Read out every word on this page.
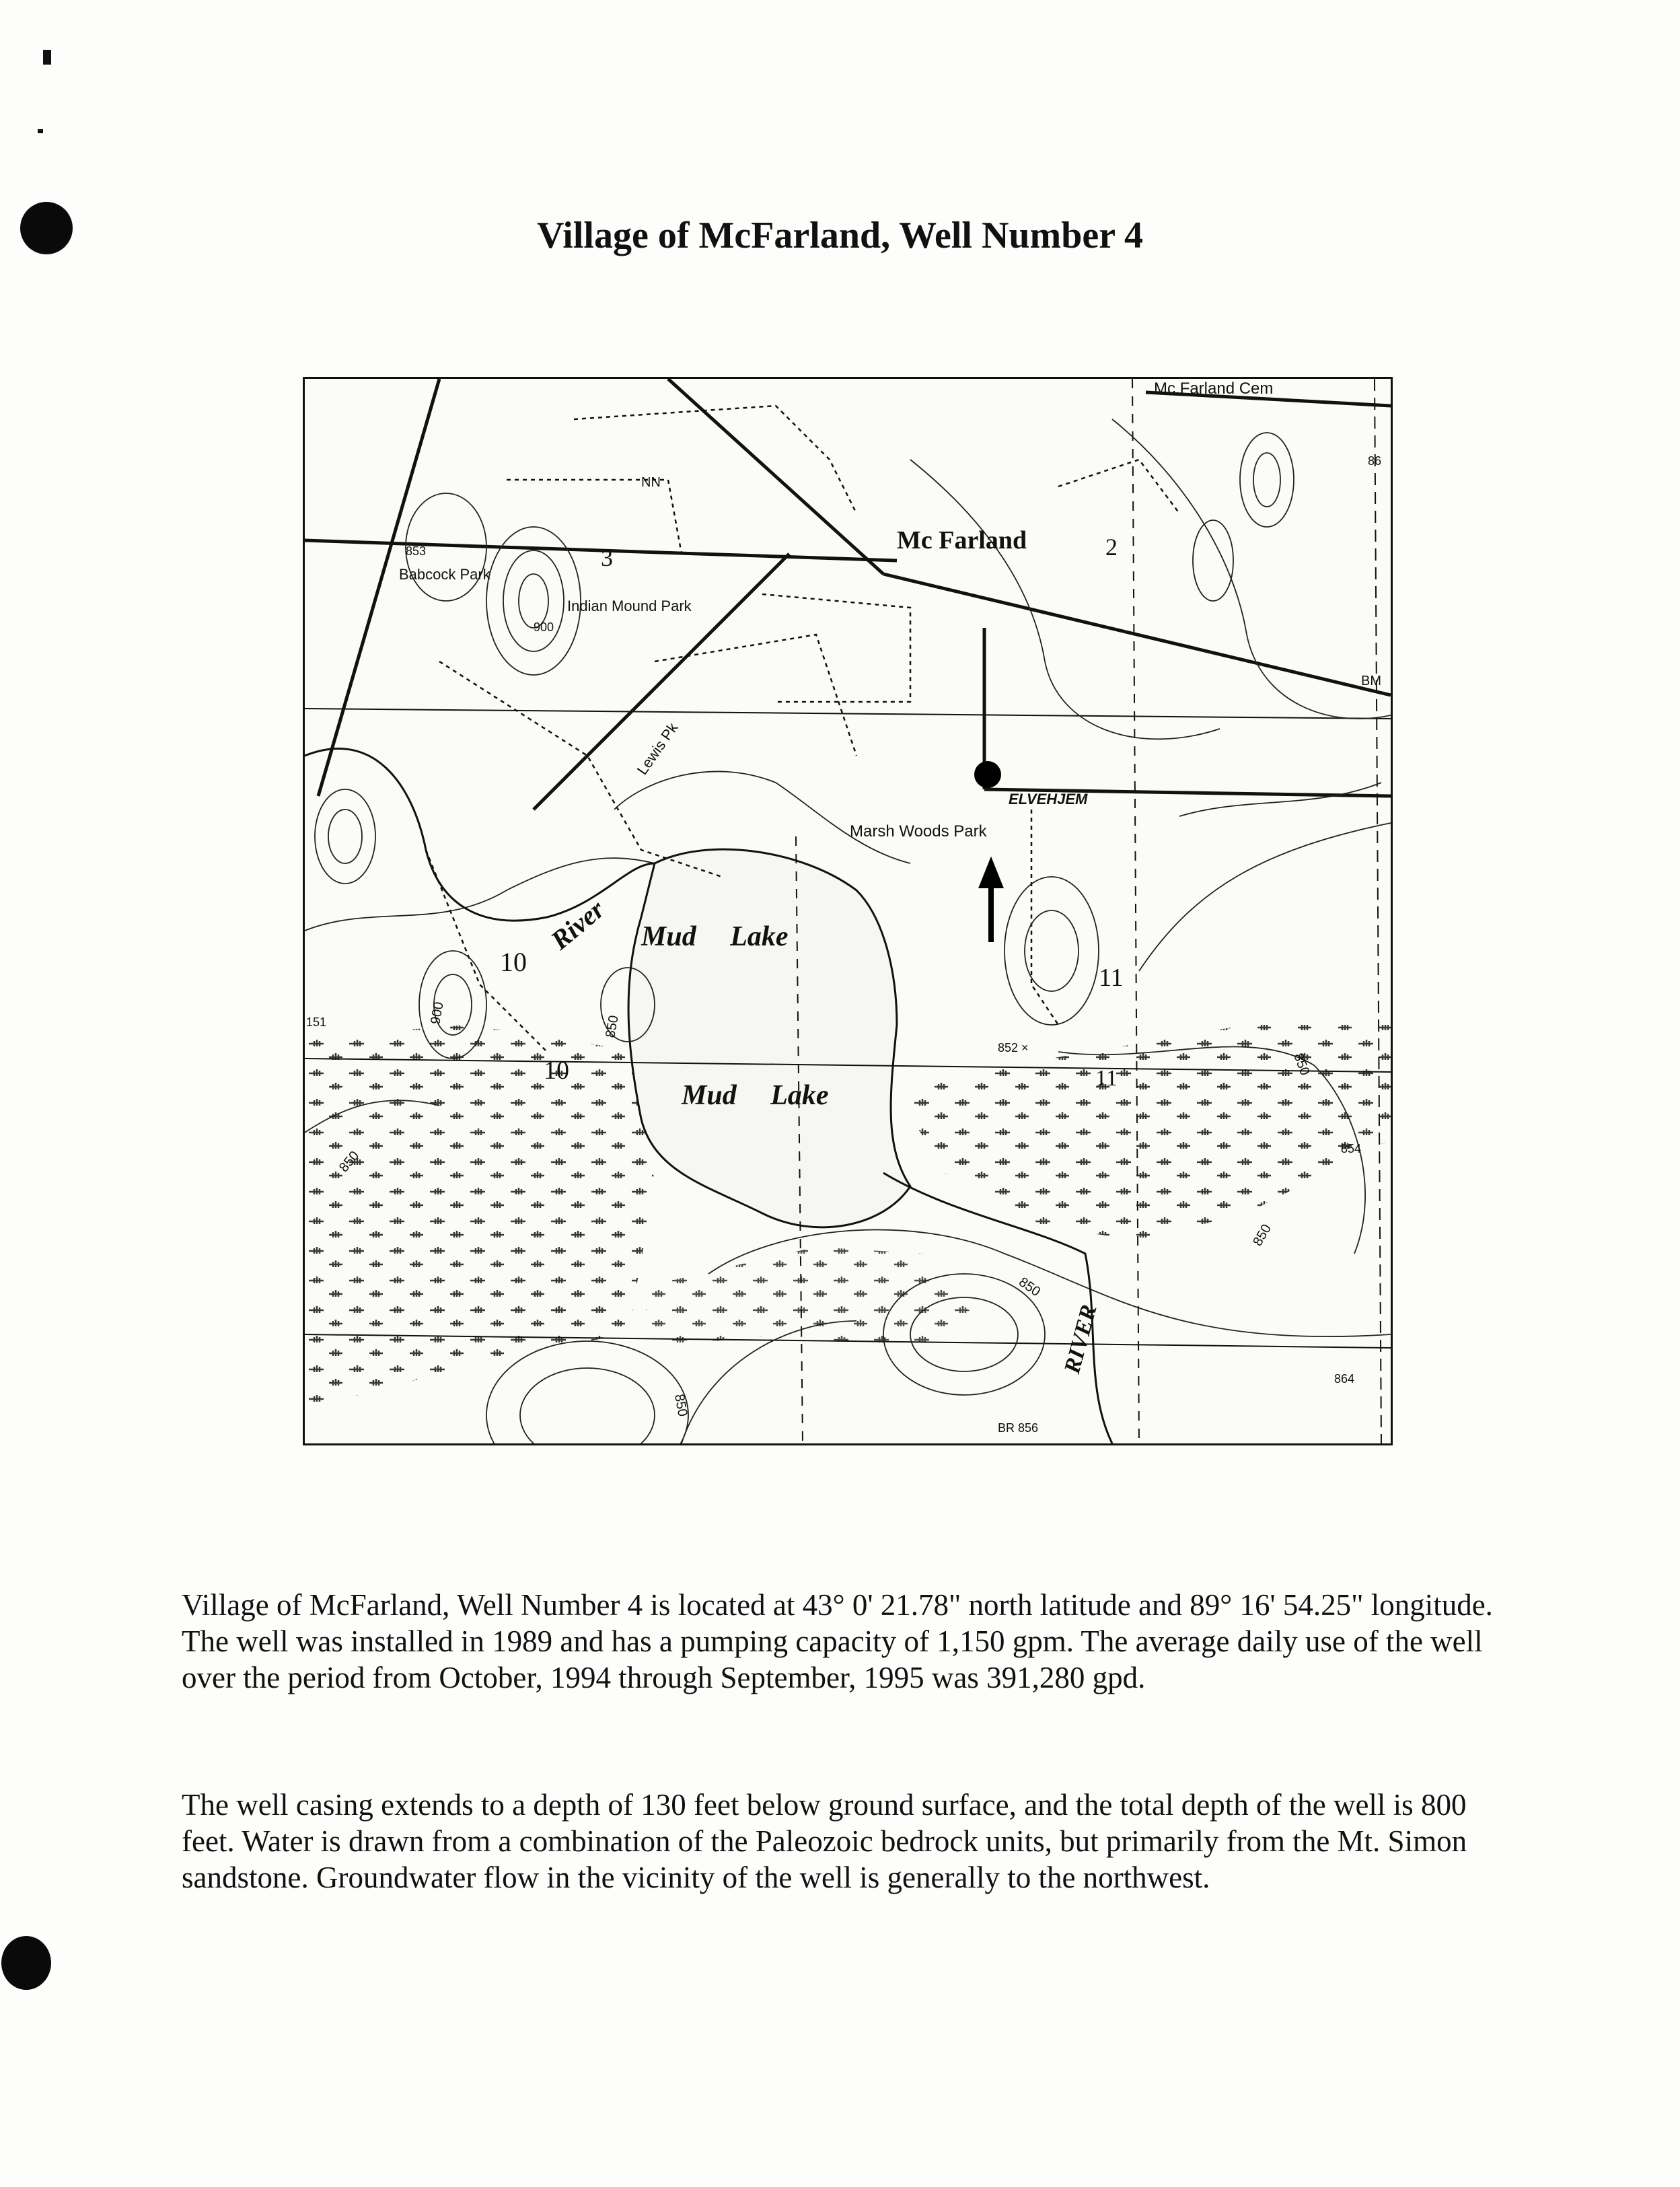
Village of McFarland, Well Number 4
Mc Farland Cem
Mc Farland	2
3
10
10
11
11
Babcock Park
Indian Mound Park
Lewis Pk
Marsh Woods Park
ELVEHJEM
Mud Lake
Mud Lake
River
RIVER
NN
BM
853
900
900
850
850
850
850
850
850
852 ×
854
864
86
151
BR 856

Village of McFarland, Well Number 4 is located at 43° 0' 21.78" north latitude and 89° 16' 54.25" longitude. The well was installed in 1989 and has a pumping capacity of 1,150 gpm. The average daily use of the well over the period from October, 1994 through September, 1995 was 391,280 gpd.

The well casing extends to a depth of 130 feet below ground surface, and the total depth of the well is 800 feet. Water is drawn from a combination of the Paleozoic bedrock units, but primarily from the Mt. Simon sandstone. Groundwater flow in the vicinity of the well is generally to the northwest.
